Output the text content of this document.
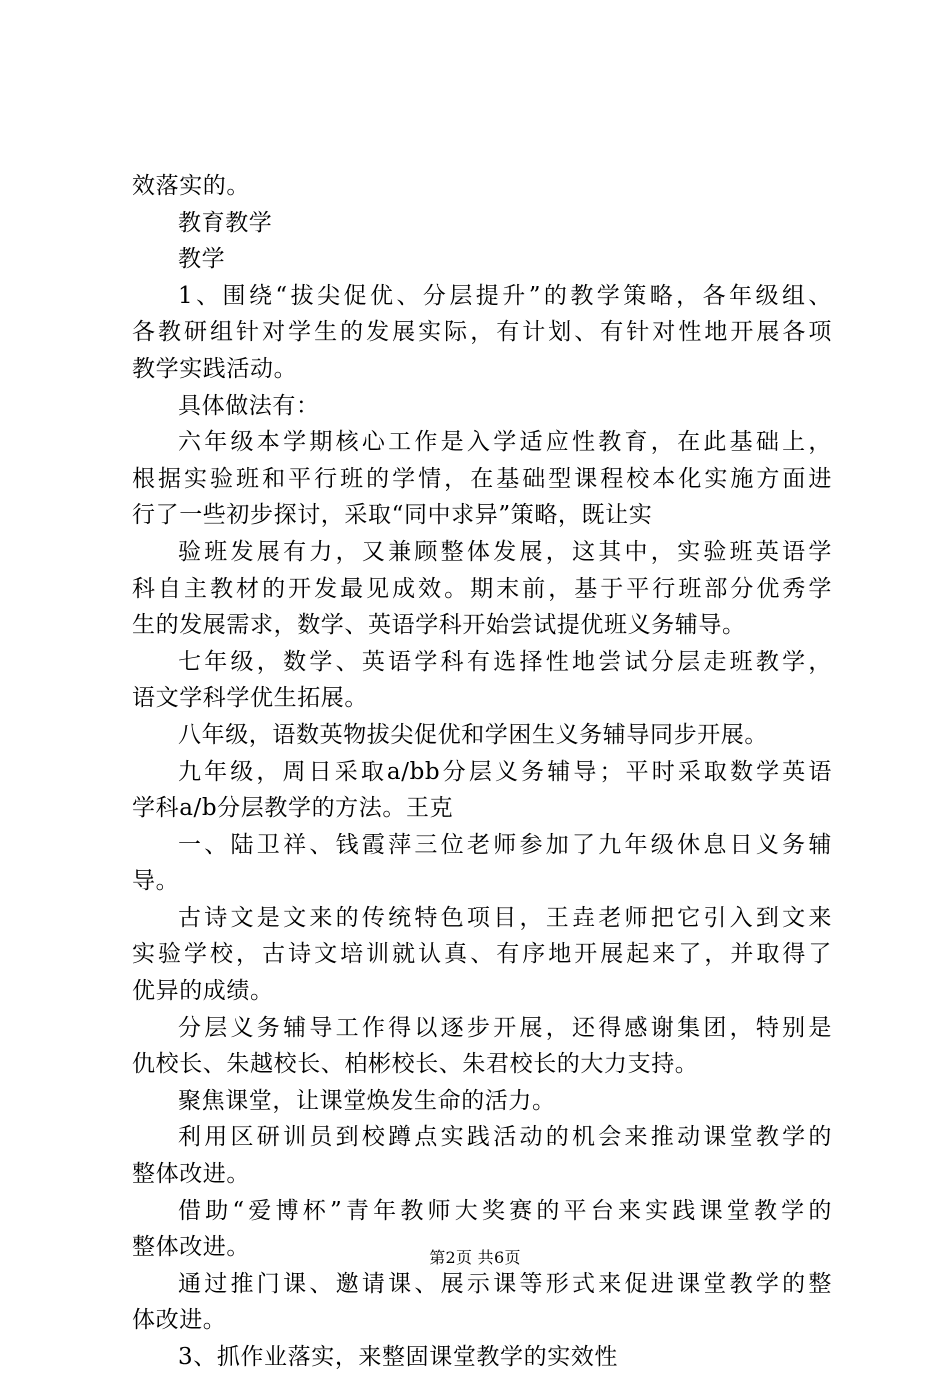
效落实的。
教育教学
教学
1、围绕“拔尖促优、分层提升”的教学策略，各年级组、
各教研组针对学生的发展实际，有计划、有针对性地开展各项
教学实践活动。
具体做法有：
六年级本学期核心工作是入学适应性教育，在此基础上，
根据实验班和平行班的学情，在基础型课程校本化实施方面进
行了一些初步探讨，采取“同中求异”策略，既让实
验班发展有力，又兼顾整体发展，这其中，实验班英语学
科自主教材的开发最见成效。期末前，基于平行班部分优秀学
生的发展需求，数学、英语学科开始尝试提优班义务辅导。
七年级，数学、英语学科有选择性地尝试分层走班教学，
语文学科学优生拓展。
八年级，语数英物拔尖促优和学困生义务辅导同步开展。
九年级，周日采取a/bb分层义务辅导；平时采取数学英语
学科a/b分层教学的方法。王克
一、陆卫祥、钱霞萍三位老师参加了九年级休息日义务辅
导。
古诗文是文来的传统特色项目，王垚老师把它引入到文来
实验学校，古诗文培训就认真、有序地开展起来了，并取得了
优异的成绩。
分层义务辅导工作得以逐步开展，还得感谢集团，特别是
仇校长、朱越校长、柏彬校长、朱君校长的大力支持。
聚焦课堂，让课堂焕发生命的活力。
利用区研训员到校蹲点实践活动的机会来推动课堂教学的
整体改进。
借助“爱博杯”青年教师大奖赛的平台来实践课堂教学的
整体改进。
通过推门课、邀请课、展示课等形式来促进课堂教学的整
体改进。
3、抓作业落实，来整固课堂教学的实效性
第2页 共6页
